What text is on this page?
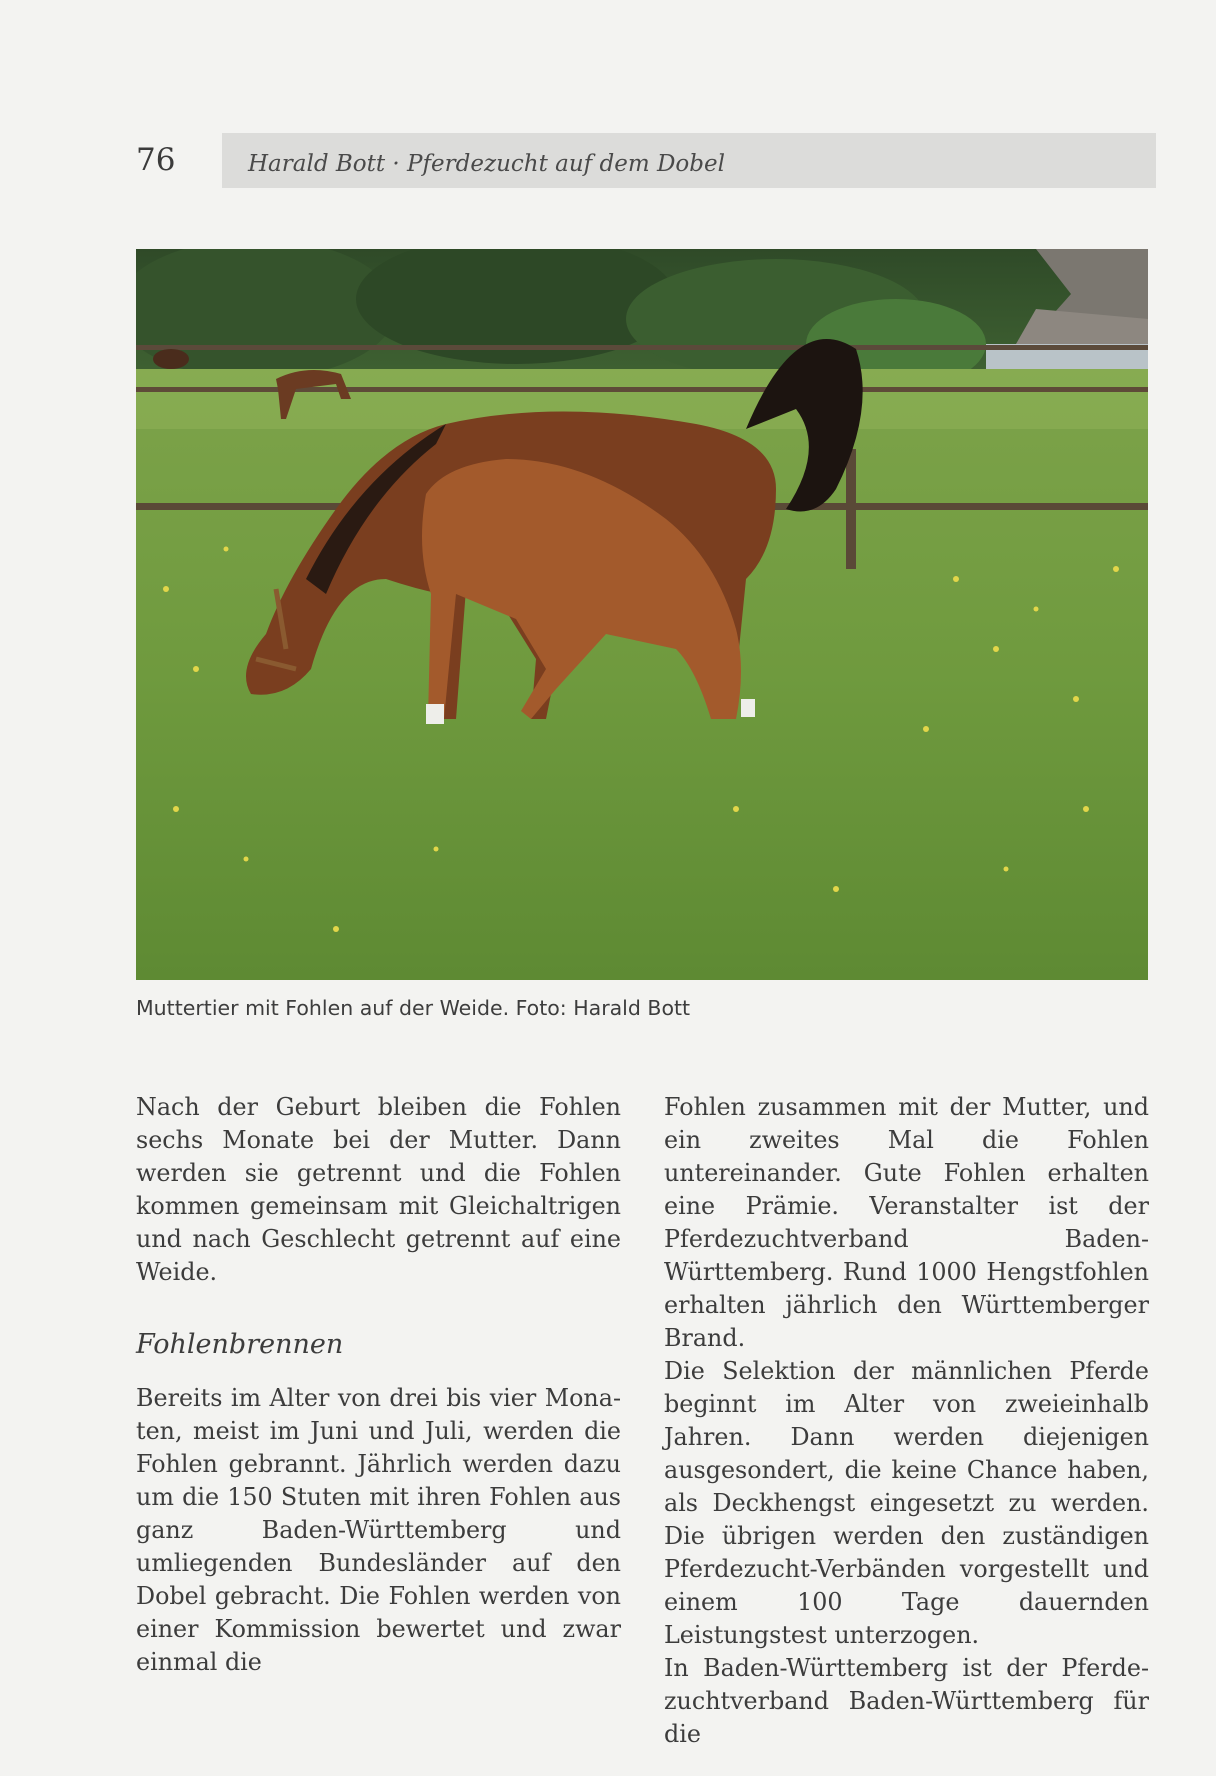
76	Harald Bott · Pferdezucht auf dem Dobel
Muttertier mit Fohlen auf der Weide. Foto: Harald Bott

Nach der Geburt bleiben die Fohlen sechs Monate bei der Mutter. Dann werden sie getrennt und die Fohlen kommen gemeinsam mit Gleichaltrigen und nach Geschlecht getrennt auf eine Weide.

Fohlenbrennen

Bereits im Alter von drei bis vier Monaten, meist im Juni und Juli, werden die Fohlen gebrannt. Jährlich werden dazu um die 150 Stuten mit ihren Fohlen aus ganz Baden-Württemberg und umliegenden Bundesländer auf den Dobel gebracht. Die Fohlen werden von einer Kommission bewertet und zwar einmal die

Fohlen zusammen mit der Mutter, und ein zweites Mal die Fohlen untereinander. Gute Fohlen erhalten eine Prämie. Veranstalter ist der Pferdezuchtverband Baden-Württemberg. Rund 1000 Hengstfohlen erhalten jährlich den Württemberger Brand.

Die Selektion der männlichen Pferde beginnt im Alter von zweieinhalb Jahren. Dann werden diejenigen ausgesondert, die keine Chance haben, als Deckhengst eingesetzt zu werden. Die übrigen werden den zuständigen Pferdezucht-Verbänden vorgestellt und einem 100 Tage dauernden Leistungstest unterzogen.

In Baden-Württemberg ist der Pferdezuchtverband Baden-Württemberg für die
